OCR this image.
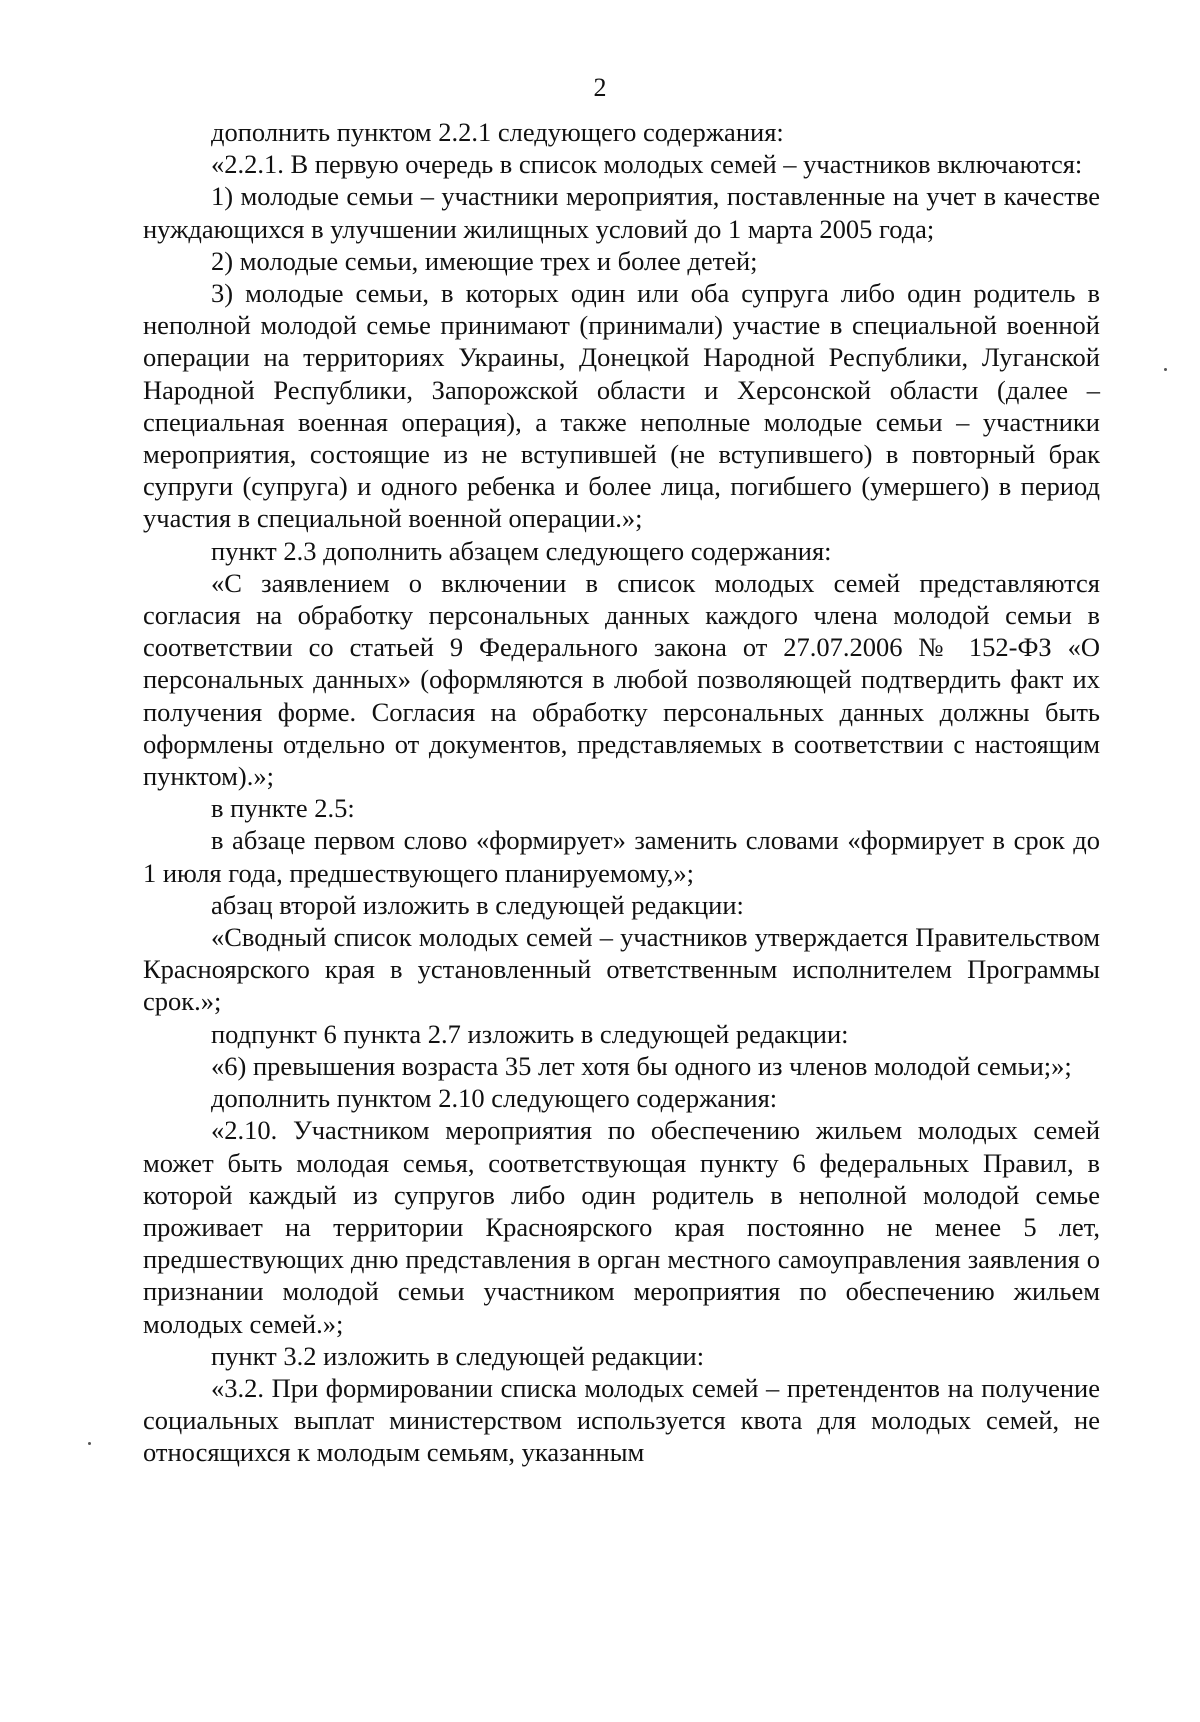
2

дополнить пунктом 2.2.1 следующего содержания:

«2.2.1. В первую очередь в список молодых семей – участников включаются:

1) молодые семьи – участники мероприятия, поставленные на учет в качестве нуждающихся в улучшении жилищных условий до 1 марта 2005 года;

2) молодые семьи, имеющие трех и более детей;

3) молодые семьи, в которых один или оба супруга либо один родитель в неполной молодой семье принимают (принимали) участие в специальной военной операции на территориях Украины, Донецкой Народной Республики, Луганской Народной Республики, Запорожской области и Херсонской области (далее – специальная военная операция), а также неполные молодые семьи – участники мероприятия, состоящие из не вступившей (не вступившего) в повторный брак супруги (супруга) и одного ребенка и более лица, погибшего (умершего) в период участия в специальной военной операции.»;

пункт 2.3 дополнить абзацем следующего содержания:

«С заявлением о включении в список молодых семей представляются согласия на обработку персональных данных каждого члена молодой семьи в соответствии со статьей 9 Федерального закона от 27.07.2006 № 152-ФЗ «О персональных данных» (оформляются в любой позволяющей подтвердить факт их получения форме. Согласия на обработку персональных данных должны быть оформлены отдельно от документов, представляемых в соответствии с настоящим пунктом).»;

в пункте 2.5:

в абзаце первом слово «формирует» заменить словами «формирует в срок до 1 июля года, предшествующего планируемому,»;

абзац второй изложить в следующей редакции:

«Сводный список молодых семей – участников утверждается Правительством Красноярского края в установленный ответственным исполнителем Программы срок.»;

подпункт 6 пункта 2.7 изложить в следующей редакции:

«6) превышения возраста 35 лет хотя бы одного из членов молодой семьи;»;

дополнить пунктом 2.10 следующего содержания:

«2.10. Участником мероприятия по обеспечению жильем молодых семей может быть молодая семья, соответствующая пункту 6 федеральных Правил, в которой каждый из супругов либо один родитель в неполной молодой семье проживает на территории Красноярского края постоянно не менее 5 лет, предшествующих дню представления в орган местного самоуправления заявления о признании молодой семьи участником мероприятия по обеспечению жильем молодых семей.»;

пункт 3.2 изложить в следующей редакции:

«3.2. При формировании списка молодых семей – претендентов на получение социальных выплат министерством используется квота для молодых семей, не относящихся к молодым семьям, указанным
